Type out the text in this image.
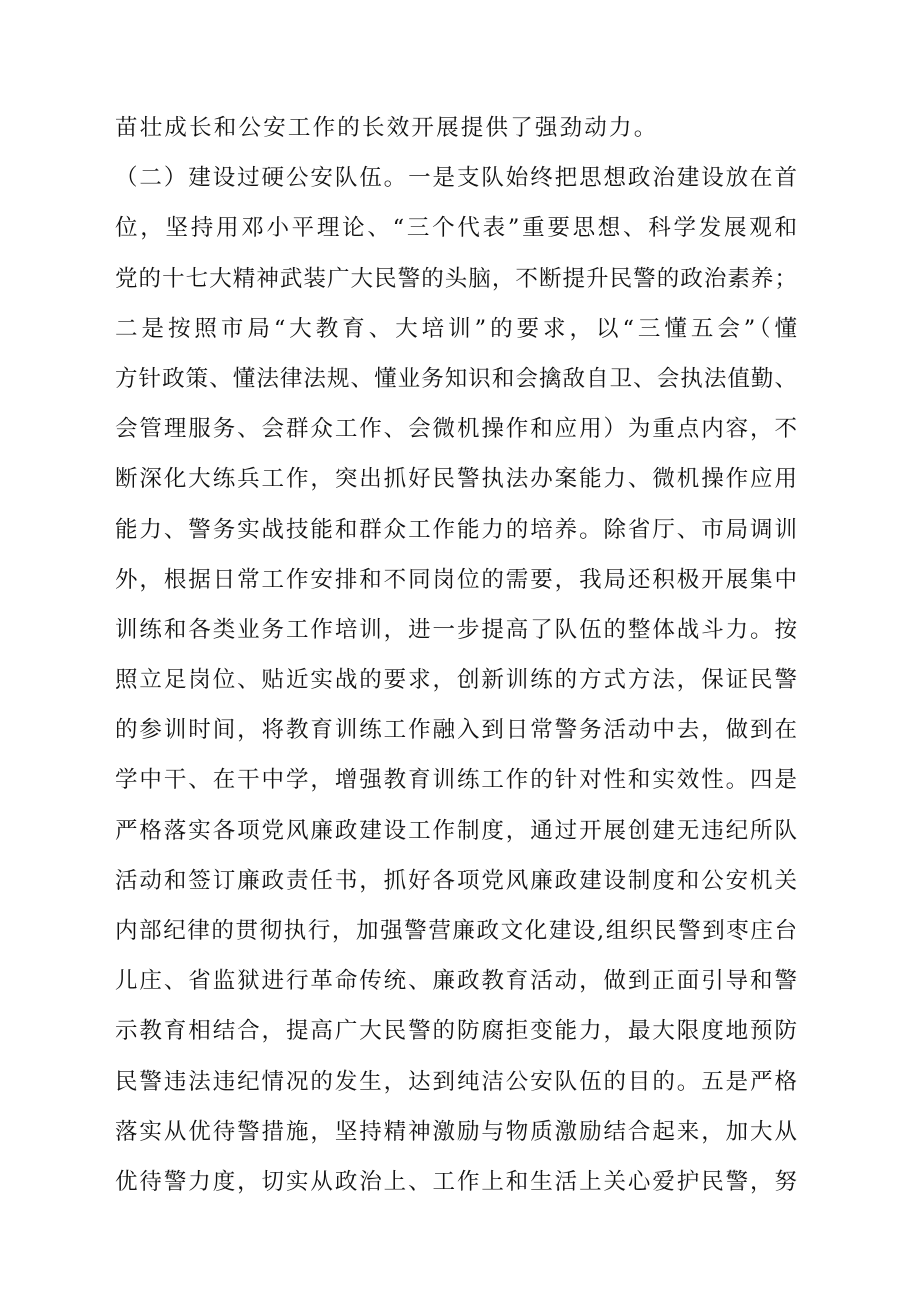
苗壮成长和公安工作的长效开展提供了强劲动力。
（二）建设过硬公安队伍。一是支队始终把思想政治建设放在首
位，坚持用邓小平理论、“三个代表”重要思想、科学发展观和
党的十七大精神武装广大民警的头脑，不断提升民警的政治素养；
二是按照市局“大教育、大培训”的要求，以“三懂五会”（懂
方针政策、懂法律法规、懂业务知识和会擒敌自卫、会执法值勤、
会管理服务、会群众工作、会微机操作和应用）为重点内容，不
断深化大练兵工作，突出抓好民警执法办案能力、微机操作应用
能力、警务实战技能和群众工作能力的培养。除省厅、市局调训
外，根据日常工作安排和不同岗位的需要，我局还积极开展集中
训练和各类业务工作培训，进一步提高了队伍的整体战斗力。按
照立足岗位、贴近实战的要求，创新训练的方式方法，保证民警
的参训时间，将教育训练工作融入到日常警务活动中去，做到在
学中干、在干中学，增强教育训练工作的针对性和实效性。四是
严格落实各项党风廉政建设工作制度，通过开展创建无违纪所队
活动和签订廉政责任书，抓好各项党风廉政建设制度和公安机关
内部纪律的贯彻执行，加强警营廉政文化建设,组织民警到枣庄台
儿庄、省监狱进行革命传统、廉政教育活动，做到正面引导和警
示教育相结合，提高广大民警的防腐拒变能力，最大限度地预防
民警违法违纪情况的发生，达到纯洁公安队伍的目的。五是严格
落实从优待警措施，坚持精神激励与物质激励结合起来，加大从
优待警力度，切实从政治上、工作上和生活上关心爱护民警，努
